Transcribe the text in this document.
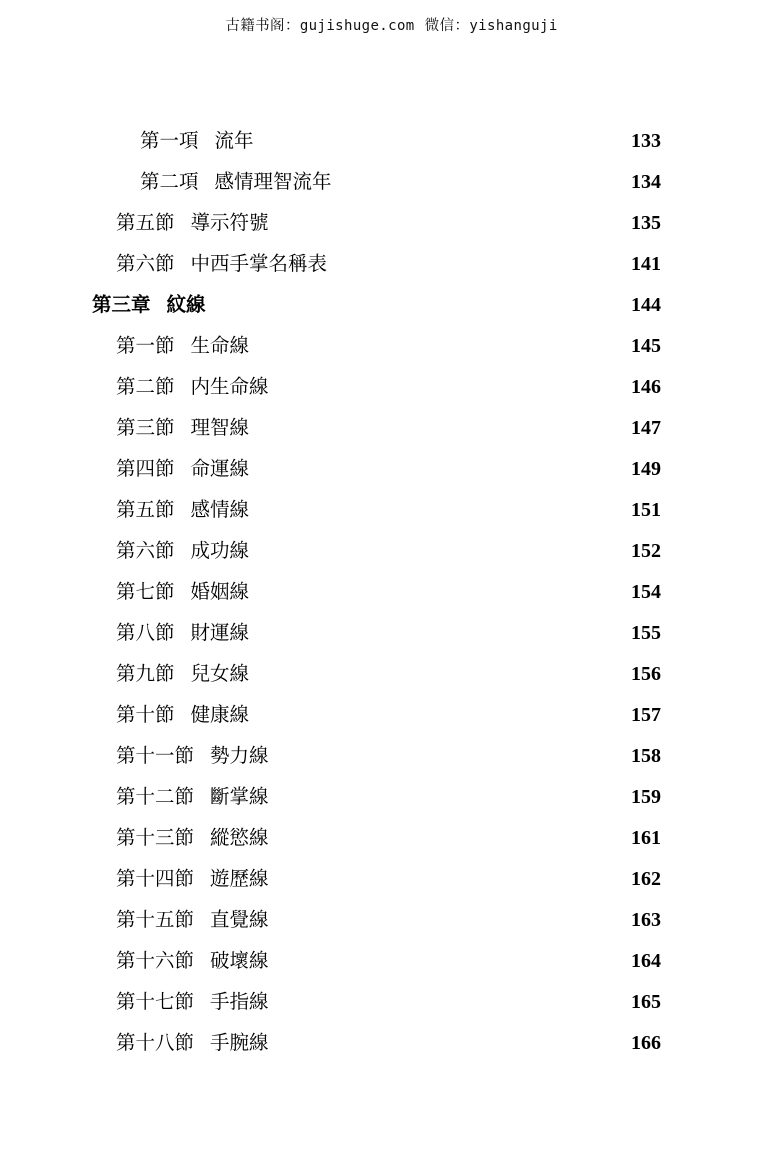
古籍书阁：gujishuge.com 微信：yishanguji
第一項 流年 ·····	133
第二項 感情理智流年 ·····	134
第五節 導示符號 ·····	135
第六節 中西手掌名稱表 ·····	141
第三章 紋線 ·····	144
第一節 生命線 ·····	145
第二節 内生命線 ·····	146
第三節 理智線 ·····	147
第四節 命運線 ·····	149
第五節 感情線 ·····	151
第六節 成功線 ·····	152
第七節 婚姻線 ·····	154
第八節 財運線 ·····	155
第九節 兒女線 ·····	156
第十節 健康線 ·····	157
第十一節 勢力線 ·····	158
第十二節 斷掌線 ·····	159
第十三節 縱慾線 ·····	161
第十四節 遊歷線 ·····	162
第十五節 直覺線 ·····	163
第十六節 破壞線 ·····	164
第十七節 手指線 ·····	165
第十八節 手腕線 ·····	166
